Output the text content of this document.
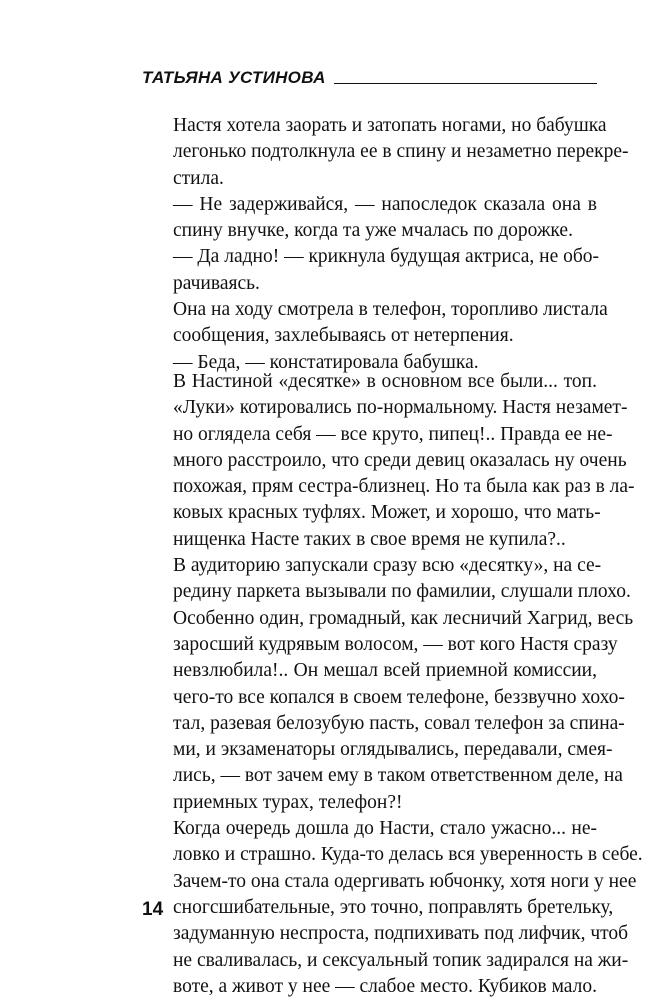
ТАТЬЯНА УСТИНОВА

Настя хотела заорать и затопать ногами, но бабушка
легонько подтолкнула ее в спину и незаметно перекре-
стила.

— Не задерживайся, — напоследок сказала она в
спину внучке, когда та уже мчалась по дорожке.

— Да ладно! — крикнула будущая актриса, не обо-
рачиваясь.

Она на ходу смотрела в телефон, торопливо листала
сообщения, захлебываясь от нетерпения.

— Беда, — констатировала бабушка.

В Настиной «десятке» в основном все были... топ.
«Луки» котировались по-нормальному. Настя незамет-
но оглядела себя — все круто, пипец!.. Правда ее не-
много расстроило, что среди девиц оказалась ну очень
похожая, прям сестра-близнец. Но та была как раз в ла-
ковых красных туфлях. Может, и хорошо, что мать-
нищенка Насте таких в свое время не купила?..

В аудиторию запускали сразу всю «десятку», на се-
редину паркета вызывали по фамилии, слушали плохо.
Особенно один, громадный, как лесничий Хагрид, весь
заросший кудрявым волосом, — вот кого Настя сразу
невзлюбила!.. Он мешал всей приемной комиссии,
чего-то все копался в своем телефоне, беззвучно хохо-
тал, разевая белозубую пасть, совал телефон за спина-
ми, и экзаменаторы оглядывались, передавали, смея-
лись, — вот зачем ему в таком ответственном деле, на
приемных турах, телефон?!

Когда очередь дошла до Насти, стало ужасно... не-
ловко и страшно. Куда-то делась вся уверенность в себе.
Зачем-то она стала одергивать юбчонку, хотя ноги у нее
сногсшибательные, это точно, поправлять бретельку,
задуманную неспроста, подпихивать под лифчик, чтоб
не сваливалась, и сексуальный топик задирался на жи-
воте, а живот у нее — слабое место. Кубиков мало.

14
